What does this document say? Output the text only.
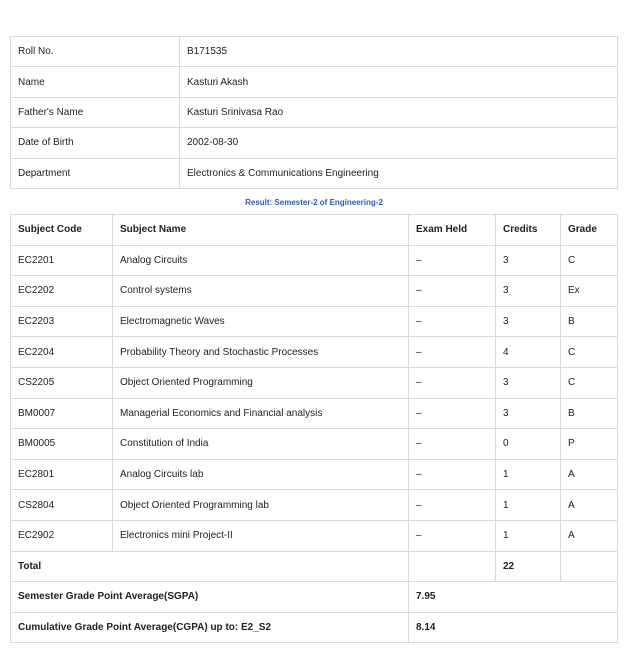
Roll No.	B171535
Name	Kasturi Akash
Father's Name	Kasturi Srinivasa Rao
Date of Birth	2002-08-30
Department	Electronics & Communications Engineering
Result: Semester-2 of Engineering-2
Subject Code	Subject Name	Exam Held	Credits	Grade
EC2201	Analog Circuits	–	3	C
EC2202	Control systems	–	3	Ex
EC2203	Electromagnetic Waves	–	3	B
EC2204	Probability Theory and Stochastic Processes	–	4	C
CS2205	Object Oriented Programming	–	3	C
BM0007	Managerial Economics and Financial analysis	–	3	B
BM0005	Constitution of India	–	0	P
EC2801	Analog Circuits lab	–	1	A
CS2804	Object Oriented Programming lab	–	1	A
EC2902	Electronics mini Project-II	–	1	A
Total			22	
Semester Grade Point Average(SGPA)		7.95		
Cumulative Grade Point Average(CGPA) up to: E2_S2		8.14		
